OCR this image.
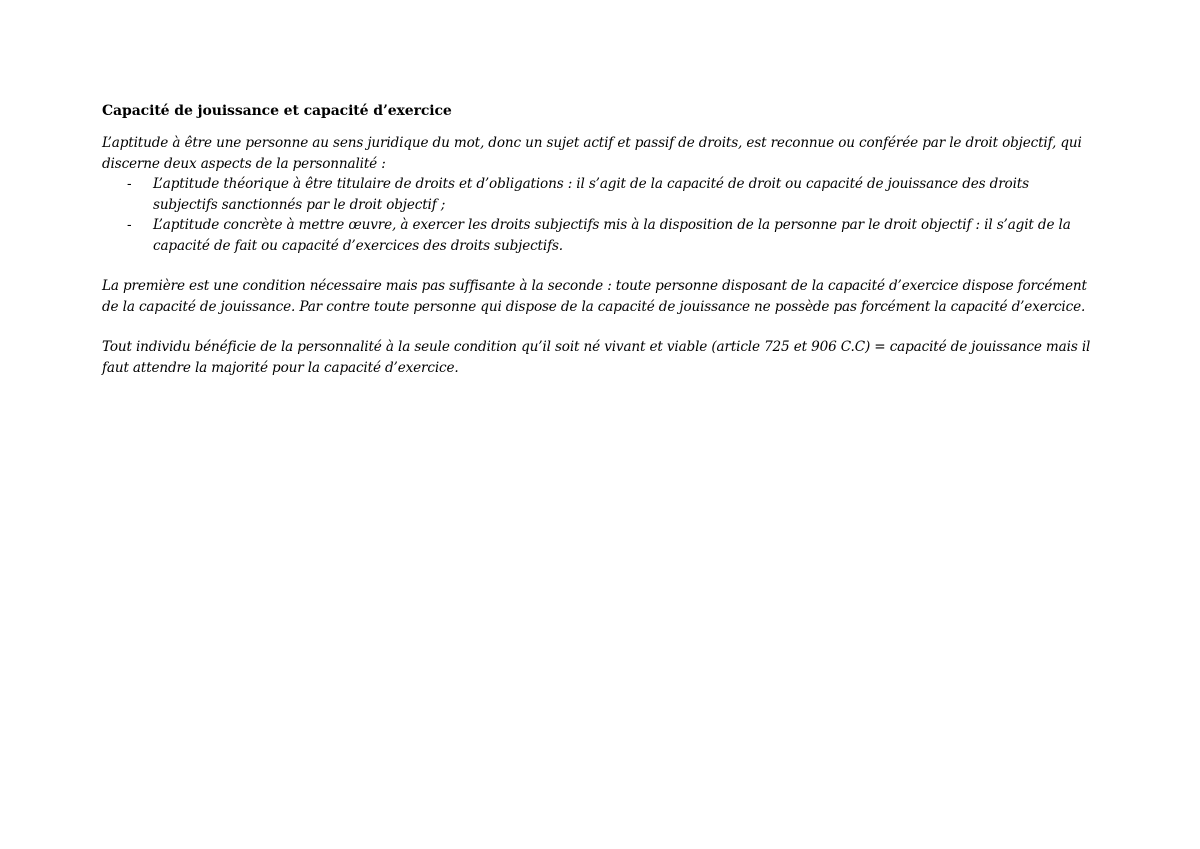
Capacité de jouissance et capacité d’exercice

L’aptitude à être une personne au sens juridique du mot, donc un sujet actif et passif de droits, est reconnue ou conférée par le droit objectif, qui discerne deux aspects de la personnalité :

- L’aptitude théorique à être titulaire de droits et d’obligations : il s’agit de la capacité de droit ou capacité de jouissance des droits subjectifs sanctionnés par le droit objectif ;
- L’aptitude concrète à mettre œuvre, à exercer les droits subjectifs mis à la disposition de la personne par le droit objectif : il s’agit de la capacité de fait ou capacité d’exercices des droits subjectifs.

La première est une condition nécessaire mais pas suffisante à la seconde : toute personne disposant de la capacité d’exercice dispose forcément de la capacité de jouissance. Par contre toute personne qui dispose de la capacité de jouissance ne possède pas forcément la capacité d’exercice.

Tout individu bénéficie de la personnalité à la seule condition qu’il soit né vivant et viable (article 725 et 906 C.C) = capacité de jouissance mais il faut attendre la majorité pour la capacité d’exercice.
